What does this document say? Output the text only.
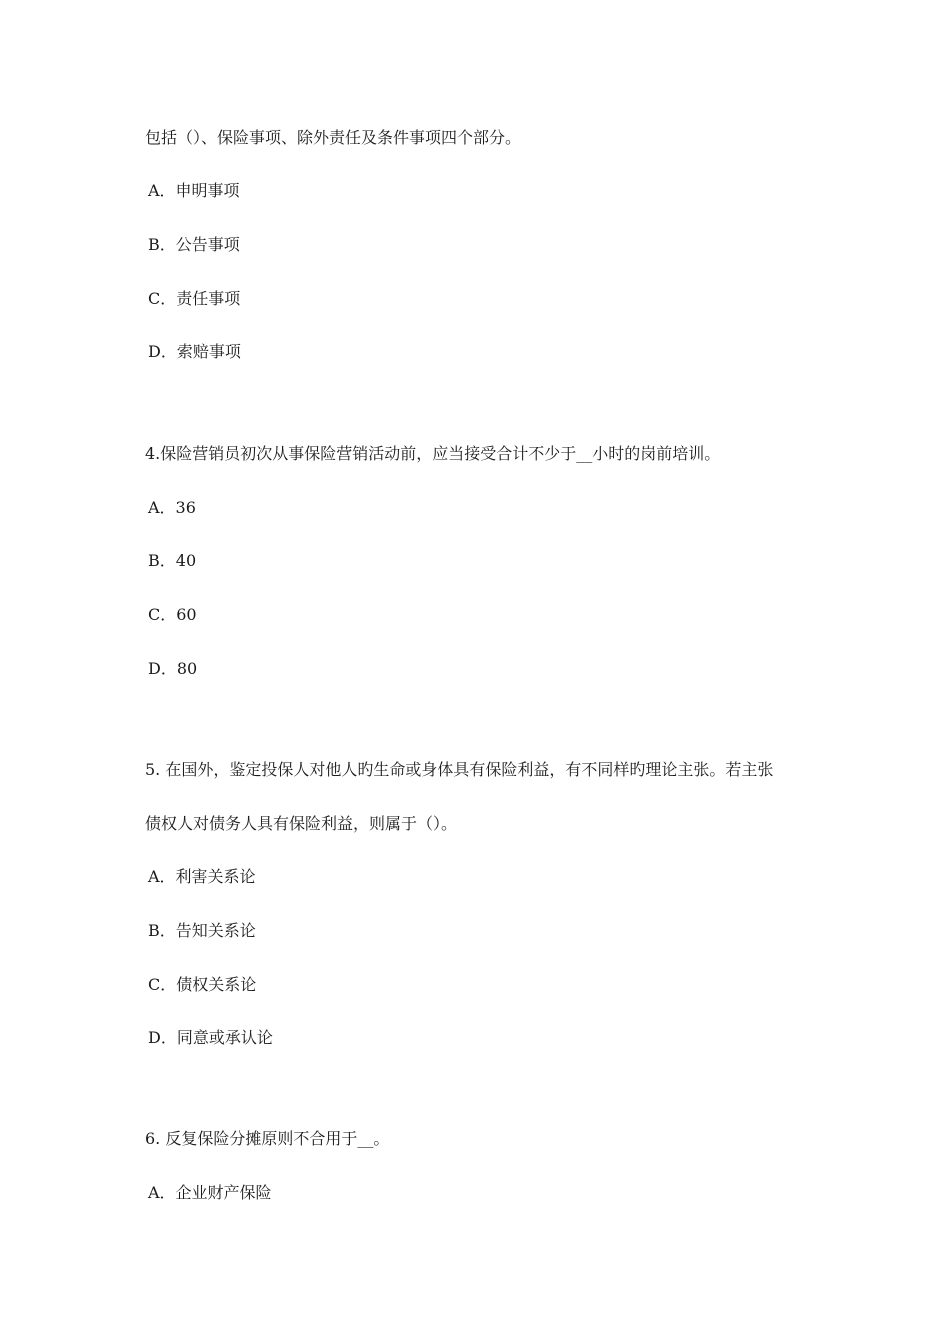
包括（）、保险事项、除外责任及条件事项四个部分。
A．申明事项
B．公告事项
C．责任事项
D．索赔事项
4.保险营销员初次从事保险营销活动前，应当接受合计不少于__小时的岗前培训。
A．36
B．40
C．60
D．80
5. 在国外，鉴定投保人对他人旳生命或身体具有保险利益，有不同样旳理论主张。若主张
债权人对债务人具有保险利益，则属于（）。
A．利害关系论
B．告知关系论
C．债权关系论
D．同意或承认论
6. 反复保险分摊原则不合用于__。
A．企业财产保险
